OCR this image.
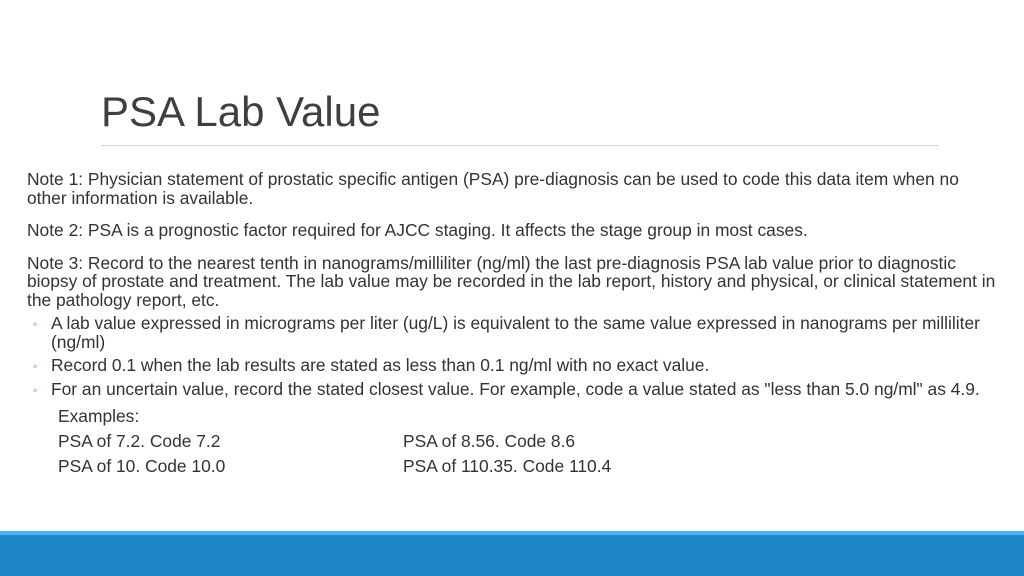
PSA Lab Value

Note 1: Physician statement of prostatic specific antigen (PSA) pre-diagnosis can be used to code this data item when no other information is available.

Note 2: PSA is a prognostic factor required for AJCC staging. It affects the stage group in most cases.

Note 3: Record to the nearest tenth in nanograms/milliliter (ng/ml) the last pre-diagnosis PSA lab value prior to diagnostic biopsy of prostate and treatment. The lab value may be recorded in the lab report, history and physical, or clinical statement in the pathology report, etc.

◦ A lab value expressed in micrograms per liter (ug/L) is equivalent to the same value expressed in nanograms per milliliter (ng/ml)
◦ Record 0.1 when the lab results are stated as less than 0.1 ng/ml with no exact value.
◦ For an uncertain value, record the stated closest value. For example, code a value stated as "less than 5.0 ng/ml" as 4.9.
Examples:
PSA of 7.2. Code 7.2	PSA of 8.56. Code 8.6
PSA of 10. Code 10.0	PSA of 110.35. Code 110.4
